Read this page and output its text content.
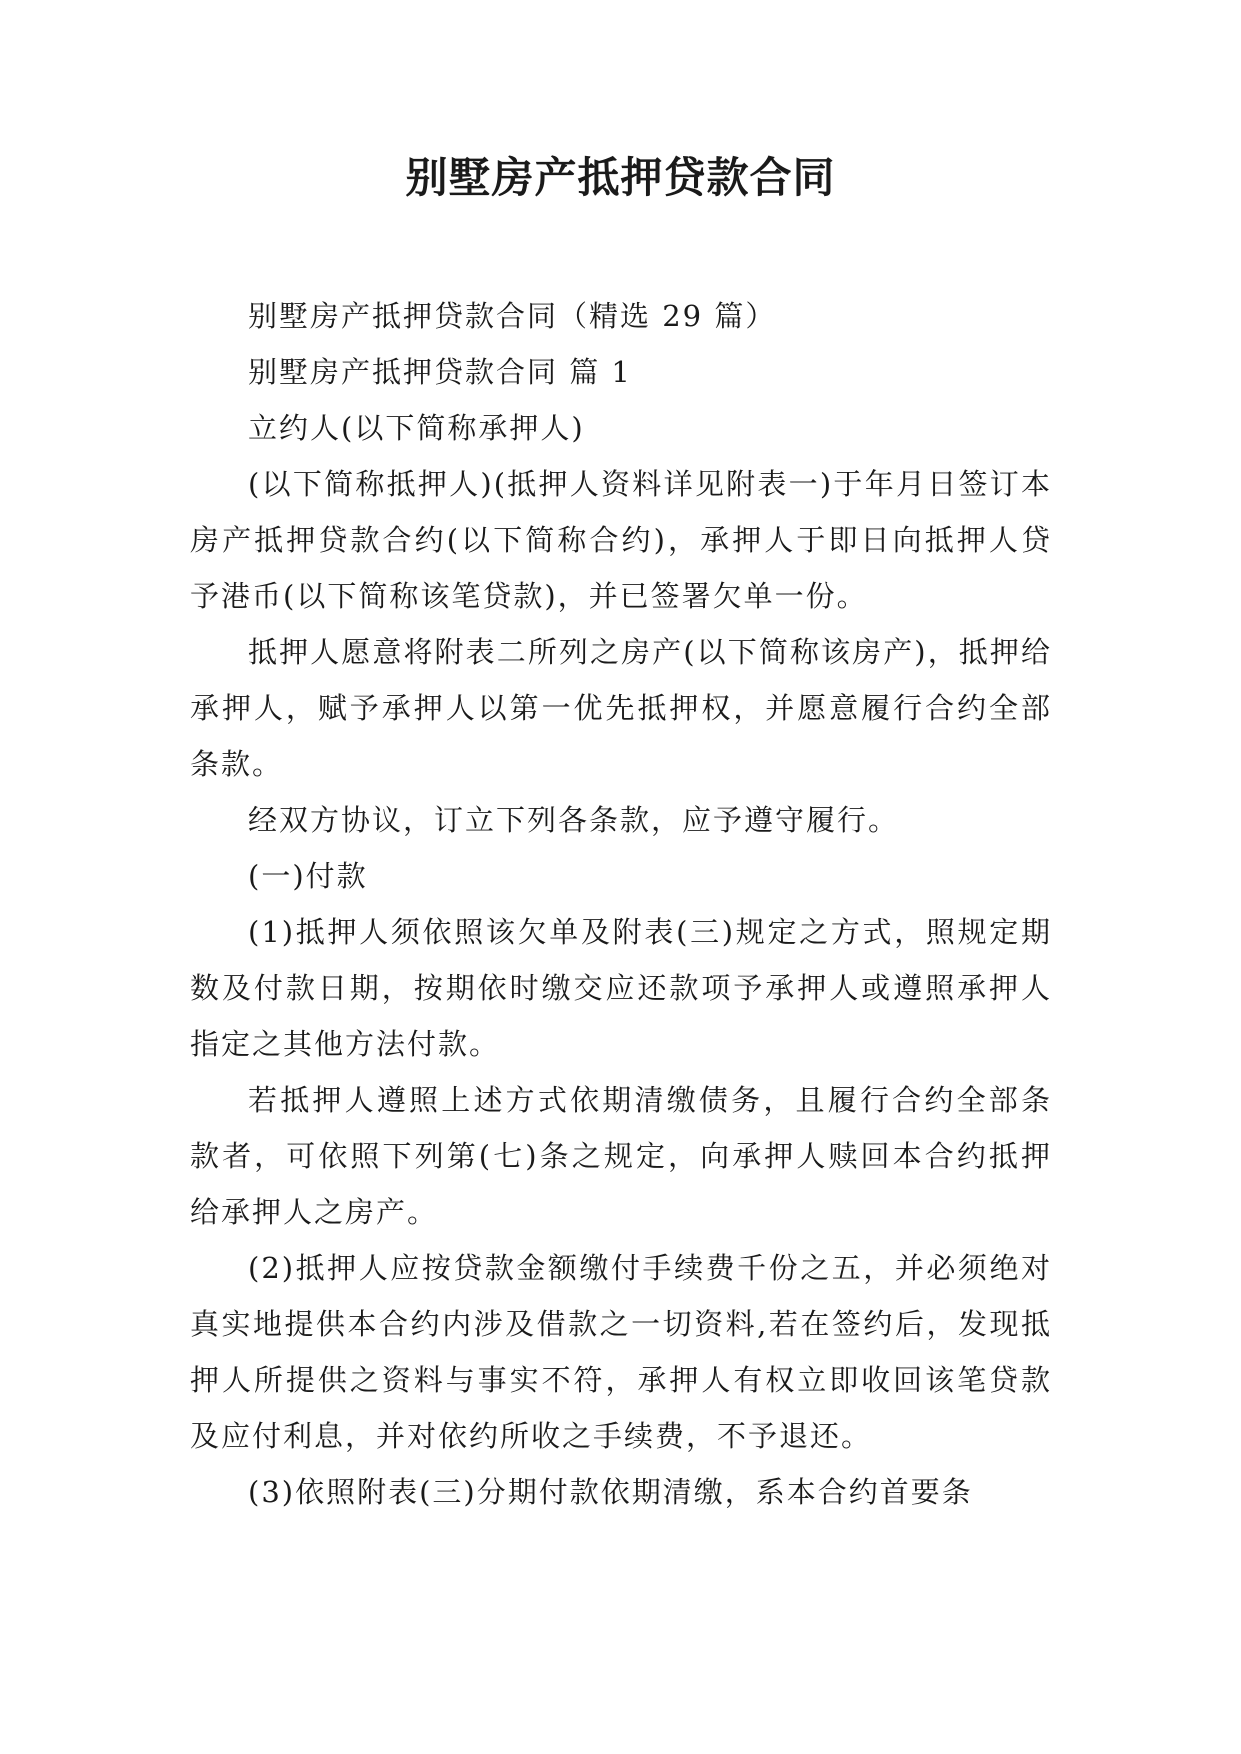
别墅房产抵押贷款合同

别墅房产抵押贷款合同（精选 29 篇）

别墅房产抵押贷款合同 篇 1

立约人(以下简称承押人)

(以下简称抵押人)(抵押人资料详见附表一)于年月日签订本房产抵押贷款合约(以下简称合约)，承押人于即日向抵押人贷予港币(以下简称该笔贷款)，并已签署欠单一份。

抵押人愿意将附表二所列之房产(以下简称该房产)，抵押给承押人，赋予承押人以第一优先抵押权，并愿意履行合约全部条款。

经双方协议，订立下列各条款，应予遵守履行。

(一)付款

(1)抵押人须依照该欠单及附表(三)规定之方式，照规定期数及付款日期，按期依时缴交应还款项予承押人或遵照承押人指定之其他方法付款。

若抵押人遵照上述方式依期清缴债务，且履行合约全部条款者，可依照下列第(七)条之规定，向承押人赎回本合约抵押给承押人之房产。

(2)抵押人应按贷款金额缴付手续费千份之五，并必须绝对真实地提供本合约内涉及借款之一切资料,若在签约后，发现抵押人所提供之资料与事实不符，承押人有权立即收回该笔贷款及应付利息，并对依约所收之手续费，不予退还。

(3)依照附表(三)分期付款依期清缴，系本合约首要条
